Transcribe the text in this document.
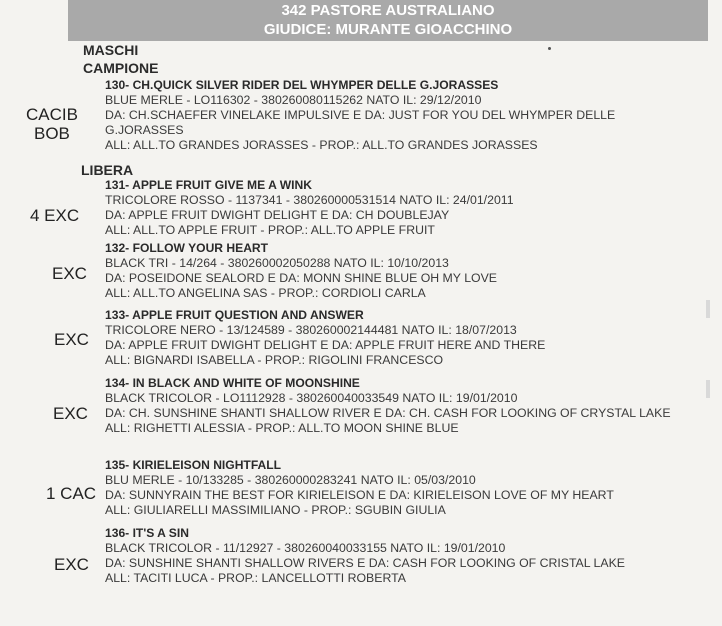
342 PASTORE AUSTRALIANO
GIUDICE: MURANTE GIOACCHINO
MASCHI
CAMPIONE
130- CH.QUICK SILVER RIDER DEL WHYMPER DELLE G.JORASSES
BLUE MERLE - LO116302 - 380260080115262 NATO IL: 29/12/2010
DA: CH.SCHAEFER VINELAKE IMPULSIVE E DA: JUST FOR YOU DEL WHYMPER DELLE G.JORASSES
ALL: ALL.TO GRANDES JORASSES - PROP.: ALL.TO GRANDES JORASSES
CACIB
BOB
LIBERA
131- APPLE FRUIT GIVE ME A WINK
TRICOLORE ROSSO - 1137341 - 380260000531514 NATO IL: 24/01/2011
DA: APPLE FRUIT DWIGHT DELIGHT E DA: CH DOUBLEJAY
ALL: ALL.TO APPLE FRUIT - PROP.: ALL.TO APPLE FRUIT
4 EXC
132- FOLLOW YOUR HEART
BLACK TRI - 14/264 - 380260002050288 NATO IL: 10/10/2013
DA: POSEIDONE SEALORD E DA: MONN SHINE BLUE OH MY LOVE
ALL: ALL.TO ANGELINA SAS - PROP.: CORDIOLI CARLA
EXC
133- APPLE FRUIT QUESTION AND ANSWER
TRICOLORE NERO - 13/124589 - 380260002144481 NATO IL: 18/07/2013
DA: APPLE FRUIT DWIGHT DELIGHT E DA: APPLE FRUIT HERE AND THERE
ALL: BIGNARDI ISABELLA - PROP.: RIGOLINI FRANCESCO
EXC
134- IN BLACK AND WHITE OF MOONSHINE
BLACK TRICOLOR - LO1112928 - 380260040033549 NATO IL: 19/01/2010
DA: CH. SUNSHINE SHANTI SHALLOW RIVER E DA: CH. CASH FOR LOOKING OF CRYSTAL LAKE
ALL: RIGHETTI ALESSIA - PROP.: ALL.TO MOON SHINE BLUE
EXC
135- KIRIELEISON NIGHTFALL
BLU MERLE - 10/133285 - 380260000283241 NATO IL: 05/03/2010
DA: SUNNYRAIN THE BEST FOR KIRIELEISON E DA: KIRIELEISON LOVE OF MY HEART
ALL: GIULIARELLI MASSIMILIANO - PROP.: SGUBIN GIULIA
1 CAC
136- IT'S A SIN
BLACK TRICOLOR - 11/12927 - 380260040033155 NATO IL: 19/01/2010
DA: SUNSHINE SHANTI SHALLOW RIVERS E DA: CASH FOR LOOKING OF CRISTAL LAKE
ALL: TACITI LUCA - PROP.: LANCELLOTTI ROBERTA
EXC
